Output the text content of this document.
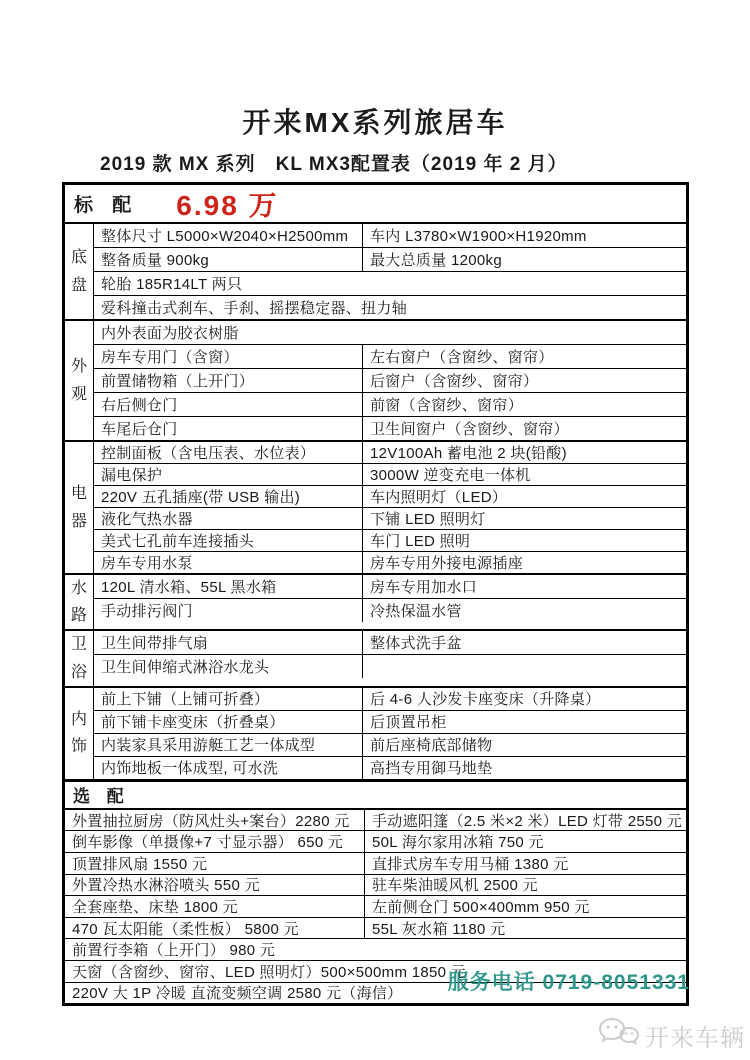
开来MX系列旅居车
2019 款 MX 系列　KL MX3配置表（2019 年 2 月）
标 配 6.98 万
底盘
整体尺寸 L5000×W2040×H2500mm	车内 L3780×W1900×H1920mm
整备质量 900kg	最大总质量 1200kg
轮胎 185R14LT 两只
爱科撞击式刹车、手刹、摇摆稳定器、扭力轴
外观
内外表面为胶衣树脂
房车专用门（含窗）	左右窗户（含窗纱、窗帘）
前置储物箱（上开门）	后窗户（含窗纱、窗帘）
右后侧仓门	前窗（含窗纱、窗帘）
车尾后仓门	卫生间窗户（含窗纱、窗帘）
电器
控制面板（含电压表、水位表）	12V100Ah 蓄电池 2 块(铅酸)
漏电保护	3000W 逆变充电一体机
220V 五孔插座(带 USB 输出)	车内照明灯（LED）
液化气热水器	下铺 LED 照明灯
美式七孔前车连接插头	车门 LED 照明
房车专用水泵	房车专用外接电源插座
水路
120L 清水箱、55L 黑水箱	房车专用加水口
手动排污阀门	冷热保温水管
卫浴
卫生间带排气扇	整体式洗手盆
卫生间伸缩式淋浴水龙头
内饰
前上下铺（上铺可折叠）	后 4-6 人沙发卡座变床（升降桌）
前下铺卡座变床（折叠桌）	后顶置吊柜
内装家具采用游艇工艺一体成型	前后座椅底部储物
内饰地板一体成型, 可水洗	高挡专用御马地垫
选 配
外置抽拉厨房（防风灶头+案台）2280 元	手动遮阳篷（2.5 米×2 米）LED 灯带 2550 元
倒车影像（单摄像+7 寸显示器） 650 元	50L 海尔家用冰箱 750 元
顶置排风扇 1550 元	直排式房车专用马桶 1380 元
外置冷热水淋浴喷头 550 元	驻车柴油暖风机 2500 元
全套座垫、床垫 1800 元	左前侧仓门 500×400mm 950 元
470 瓦太阳能（柔性板） 5800 元	55L 灰水箱 1180 元
前置行李箱（上开门） 980 元
天窗（含窗纱、窗帘、LED 照明灯）500×500mm 1850 元
220V 大 1P 冷暖 直流变频空调 2580 元（海信）	服务电话 0719-8051331
开来车辆
